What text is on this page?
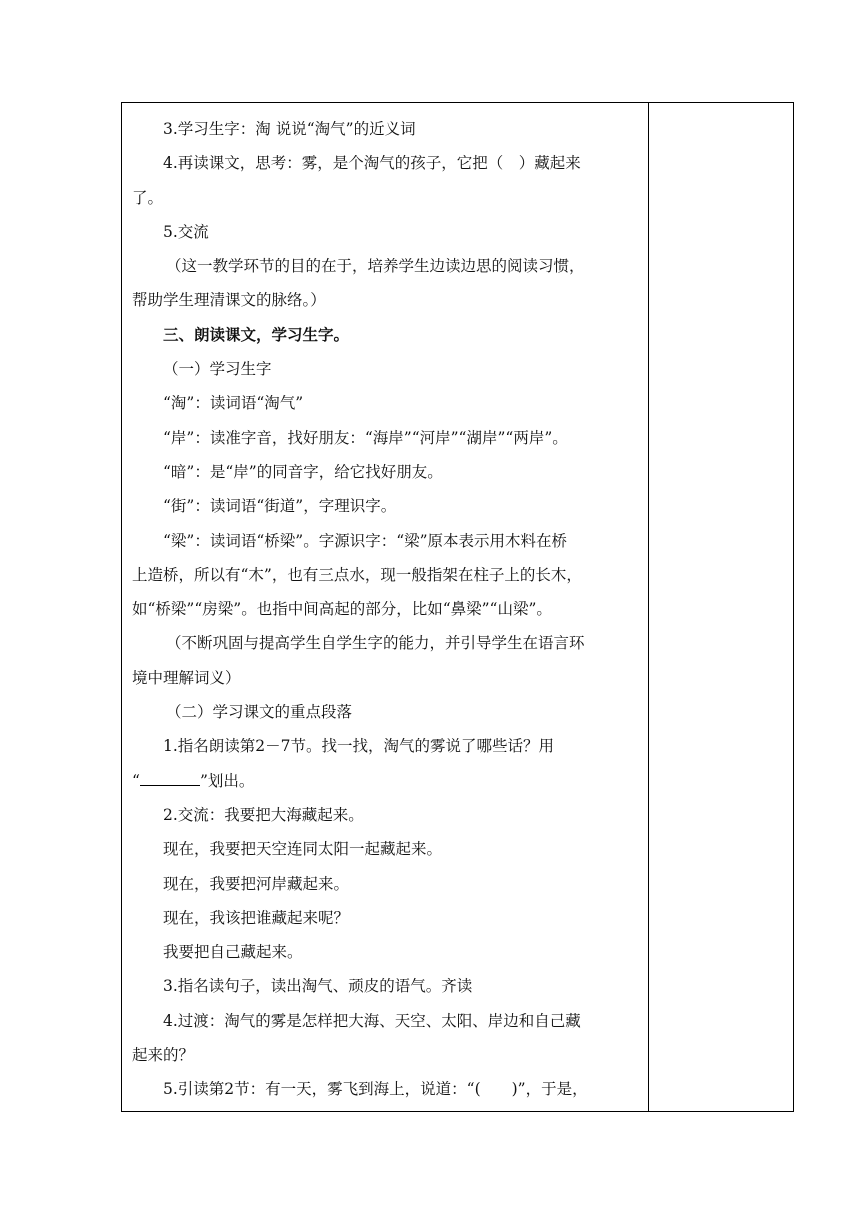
3.学习生字：淘 说说“淘气”的近义词
4.再读课文，思考：雾，是个淘气的孩子，它把（　）藏起来
了。
5.交流
（这一教学环节的目的在于，培养学生边读边思的阅读习惯，
帮助学生理清课文的脉络。）
三、朗读课文，学习生字。
（一）学习生字
“淘”：读词语“淘气”
“岸”：读准字音，找好朋友：“海岸”“河岸”“湖岸”“两岸”。
“暗”：是“岸”的同音字，给它找好朋友。
“街”：读词语“街道”，字理识字。
“梁”：读词语“桥梁”。字源识字：“梁”原本表示用木料在桥
上造桥，所以有“木”，也有三点水，现一般指架在柱子上的长木，
如“桥梁”“房梁”。也指中间高起的部分，比如“鼻梁”“山梁”。
（不断巩固与提高学生自学生字的能力，并引导学生在语言环
境中理解词义）
（二）学习课文的重点段落
1.指名朗读第2－7节。找一找，淘气的雾说了哪些话？用
“	”划出。
2.交流：我要把大海藏起来。
现在，我要把天空连同太阳一起藏起来。
现在，我要把河岸藏起来。
现在，我该把谁藏起来呢？
我要把自己藏起来。
3.指名读句子，读出淘气、顽皮的语气。齐读
4.过渡：淘气的雾是怎样把大海、天空、太阳、岸边和自己藏
起来的？
5.引读第2节：有一天，雾飞到海上，说道：“(　　)”，于是，
